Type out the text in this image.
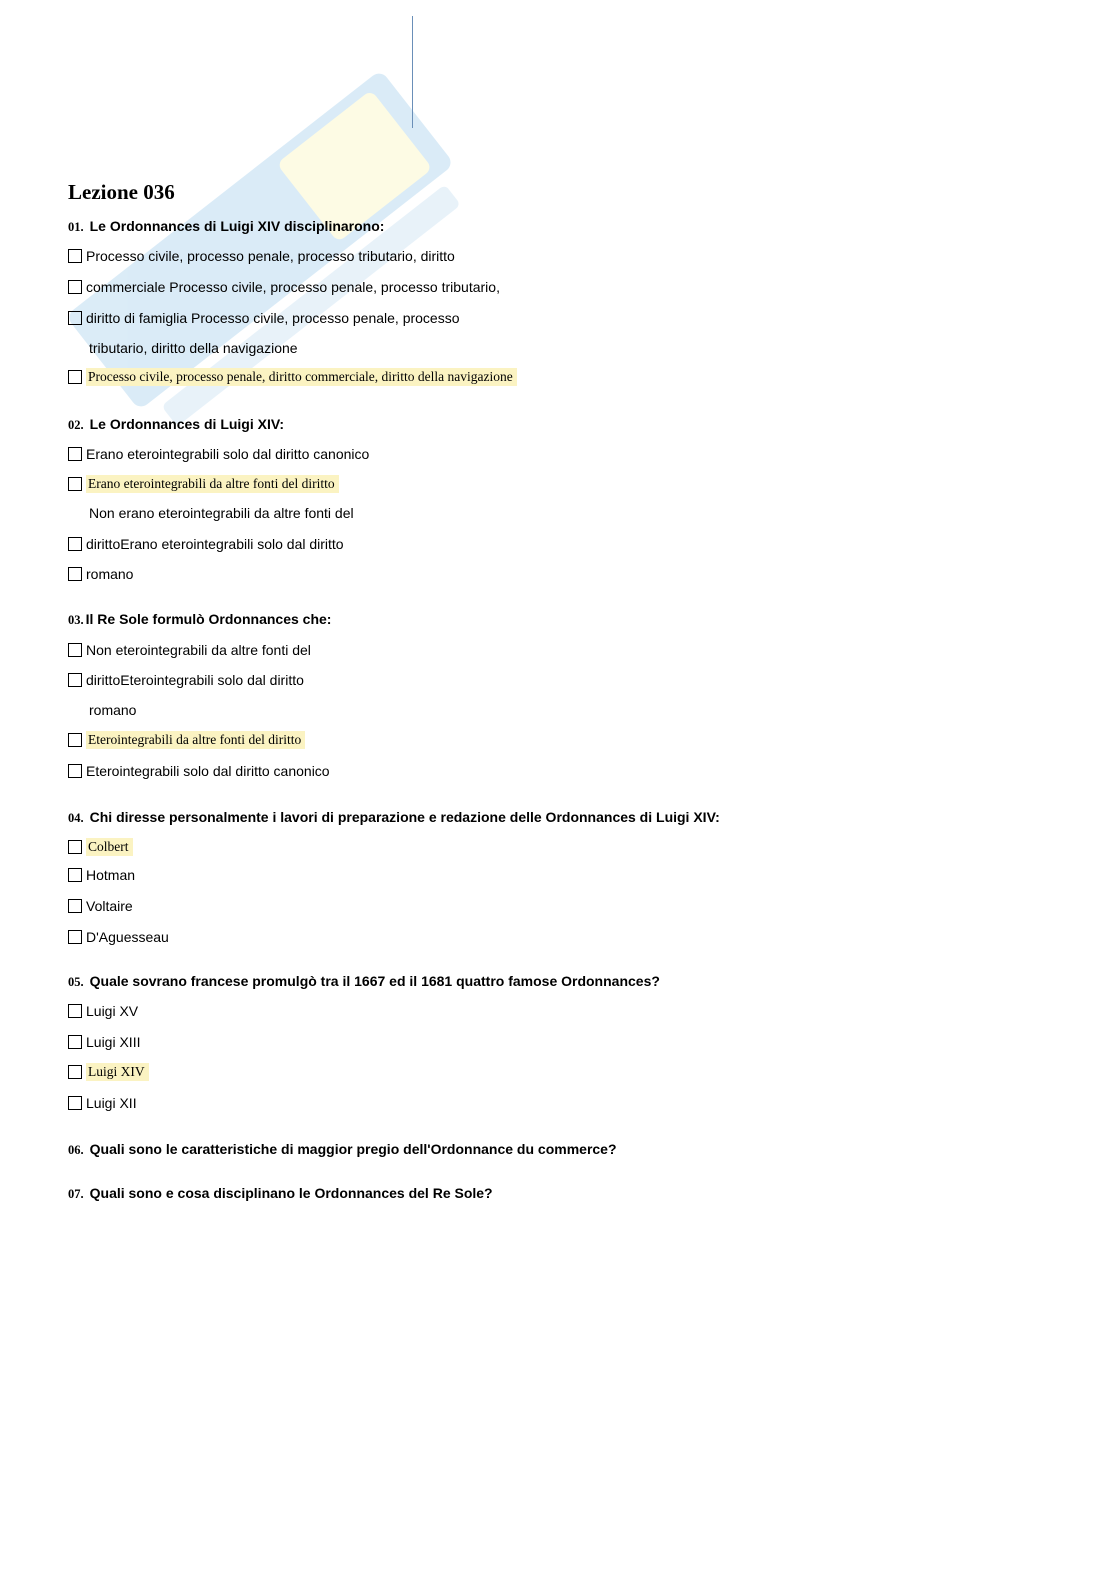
Lezione 036
01. Le Ordonnances di Luigi XIV disciplinarono:
Processo civile, processo penale, processo tributario, diritto
commerciale Processo civile, processo penale, processo tributario,
diritto di famiglia Processo civile, processo penale, processo
tributario, diritto della navigazione
Processo civile, processo penale, diritto commerciale, diritto della navigazione
02. Le Ordonnances di Luigi XIV:
Erano eterointegrabili solo dal diritto canonico
Erano eterointegrabili da altre fonti del diritto
Non erano eterointegrabili da altre fonti del
dirittoErano eterointegrabili solo dal diritto
romano
03. Il Re Sole formulò Ordonnances che:
Non eterointegrabili da altre fonti del
dirittoEterointegrabili solo dal diritto
romano
Eterointegrabili da altre fonti del diritto
Eterointegrabili solo dal diritto canonico
04. Chi diresse personalmente i lavori di preparazione e redazione delle Ordonnances di Luigi XIV:
Colbert
Hotman
Voltaire
D'Aguesseau
05. Quale sovrano francese promulgò tra il 1667 ed il 1681 quattro famose Ordonnances?
Luigi XV
Luigi XIII
Luigi XIV
Luigi XII
06. Quali sono le caratteristiche di maggior pregio dell'Ordonnance du commerce?
07. Quali sono e cosa disciplinano le Ordonnances del Re Sole?
